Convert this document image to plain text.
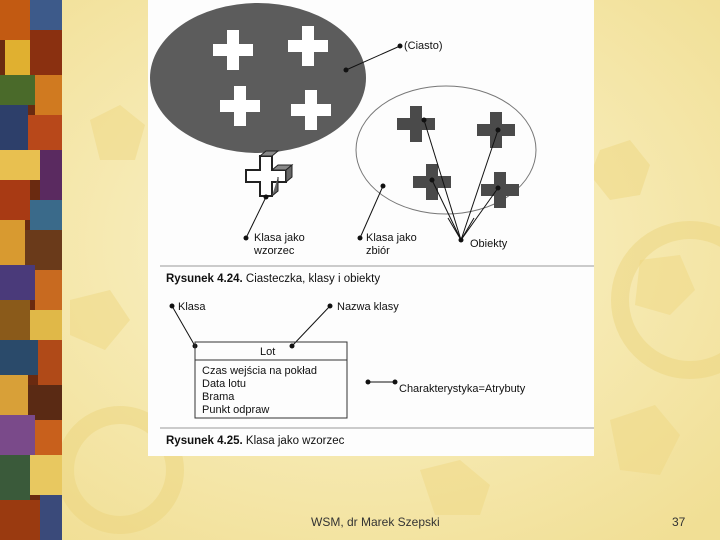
(Ciasto)
Klasa jako
wzorzec
Klasa jako
zbiór
Obiekty
Rysunek 4.24. Ciasteczka, klasy i obiekty
Klasa	Nazwa klasy
Lot
Czas wejścia na pokład
Data lotu
Brama
Punkt odpraw
Charakterystyka=Atrybuty
Rysunek 4.25. Klasa jako wzorzec
WSM, dr Marek Szepski	37
